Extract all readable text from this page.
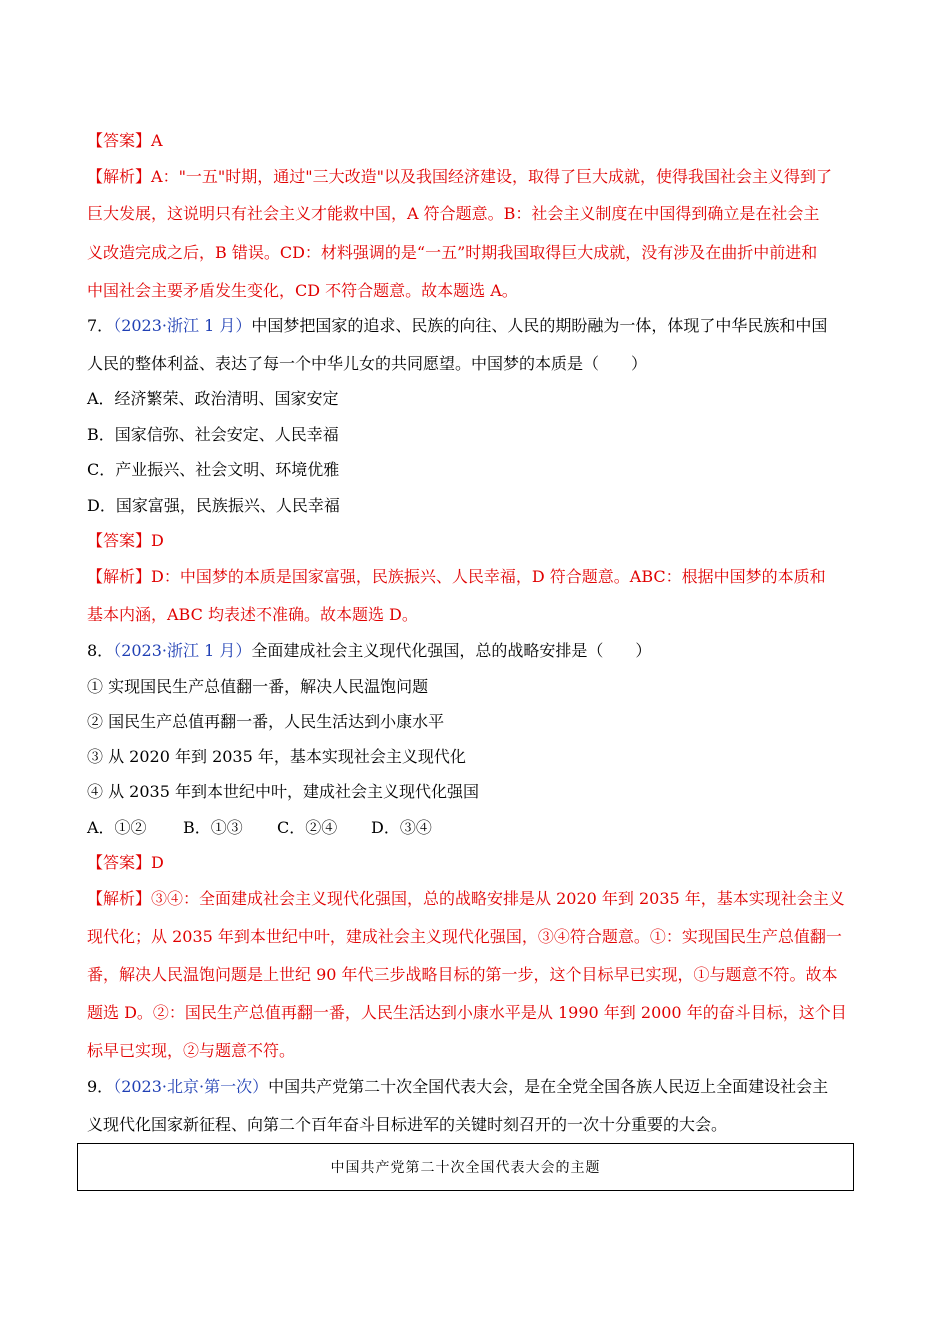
【答案】A
【解析】A："一五"时期，通过"三大改造"以及我国经济建设，取得了巨大成就，使得我国社会主义得到了
巨大发展，这说明只有社会主义才能救中国，A 符合题意。B：社会主义制度在中国得到确立是在社会主
义改造完成之后，B 错误。CD：材料强调的是“一五”时期我国取得巨大成就，没有涉及在曲折中前进和
中国社会主要矛盾发生变化，CD 不符合题意。故本题选 A。
7．（2023·浙江 1 月）中国梦把国家的追求、民族的向往、人民的期盼融为一体，体现了中华民族和中国
人民的整体利益、表达了每一个中华儿女的共同愿望。中国梦的本质是（　　）
A．经济繁荣、政治清明、国家安定
B．国家信弥、社会安定、人民幸福
C．产业振兴、社会文明、环境优雅
D．国家富强，民族振兴、人民幸福
【答案】D
【解析】D：中国梦的本质是国家富强，民族振兴、人民幸福，D 符合题意。ABC：根据中国梦的本质和
基本内涵，ABC 均表述不准确。故本题选 D。
8．（2023·浙江 1 月）全面建成社会主义现代化强国，总的战略安排是（　　）
① 实现国民生产总值翻一番，解决人民温饱问题
② 国民生产总值再翻一番，人民生活达到小康水平
③ 从 2020 年到 2035 年，基本实现社会主义现代化
④ 从 2035 年到本世纪中叶，建成社会主义现代化强国
A．①② B．①③ C．②④ D．③④
【答案】D
【解析】③④：全面建成社会主义现代化强国，总的战略安排是从 2020 年到 2035 年，基本实现社会主义
现代化；从 2035 年到本世纪中叶，建成社会主义现代化强国，③④符合题意。①：实现国民生产总值翻一
番，解决人民温饱问题是上世纪 90 年代三步战略目标的第一步，这个目标早已实现，①与题意不符。故本
题选 D。②：国民生产总值再翻一番，人民生活达到小康水平是从 1990 年到 2000 年的奋斗目标，这个目
标早已实现，②与题意不符。
9．（2023·北京·第一次）中国共产党第二十次全国代表大会，是在全党全国各族人民迈上全面建设社会主
义现代化国家新征程、向第二个百年奋斗目标进军的关键时刻召开的一次十分重要的大会。
中国共产党第二十次全国代表大会的主题
